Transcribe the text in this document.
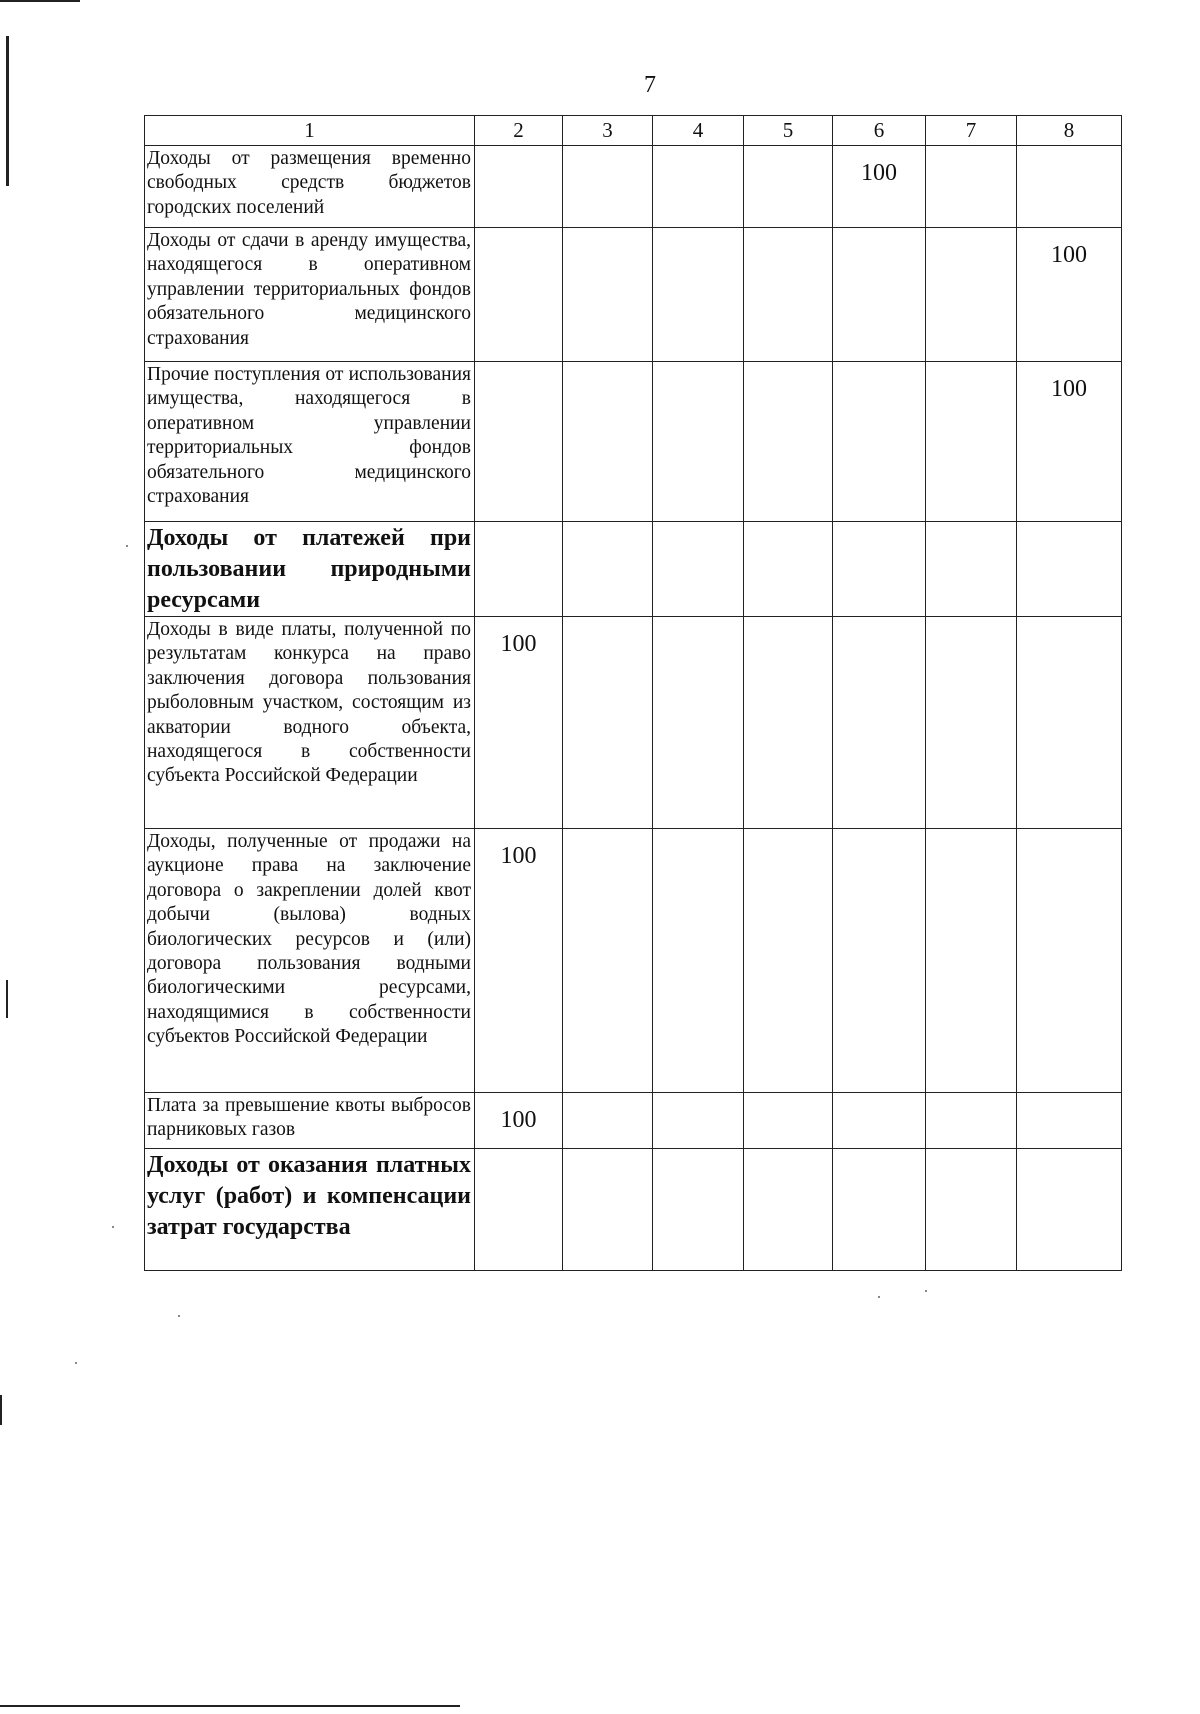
7
1	2	3	4	5	6	7	8
Доходы от размещения временно свободных средств бюджетов городских поселений					100		
Доходы от сдачи в аренду имущества, находящегося в оперативном управлении территориальных фондов обязательного медицинского страхования							100
Прочие поступления от использования имущества, находящегося в оперативном управлении территориальных фондов обязательного медицинского страхования							100
Доходы от платежей при пользовании природными ресурсами							
Доходы в виде платы, полученной по результатам конкурса на право заключения договора пользования рыболовным участком, состоящим из акватории водного объекта, находящегося в собственности субъекта Российской Федерации	100						
Доходы, полученные от продажи на аукционе права на заключение договора о закреплении долей квот добычи (вылова) водных биологических ресурсов и (или) договора пользования водными биологическими ресурсами, находящимися в собственности субъектов Российской Федерации	100						
Плата за превышение квоты выбросов парниковых газов	100						
Доходы от оказания платных услуг (работ) и компенсации затрат государства							
